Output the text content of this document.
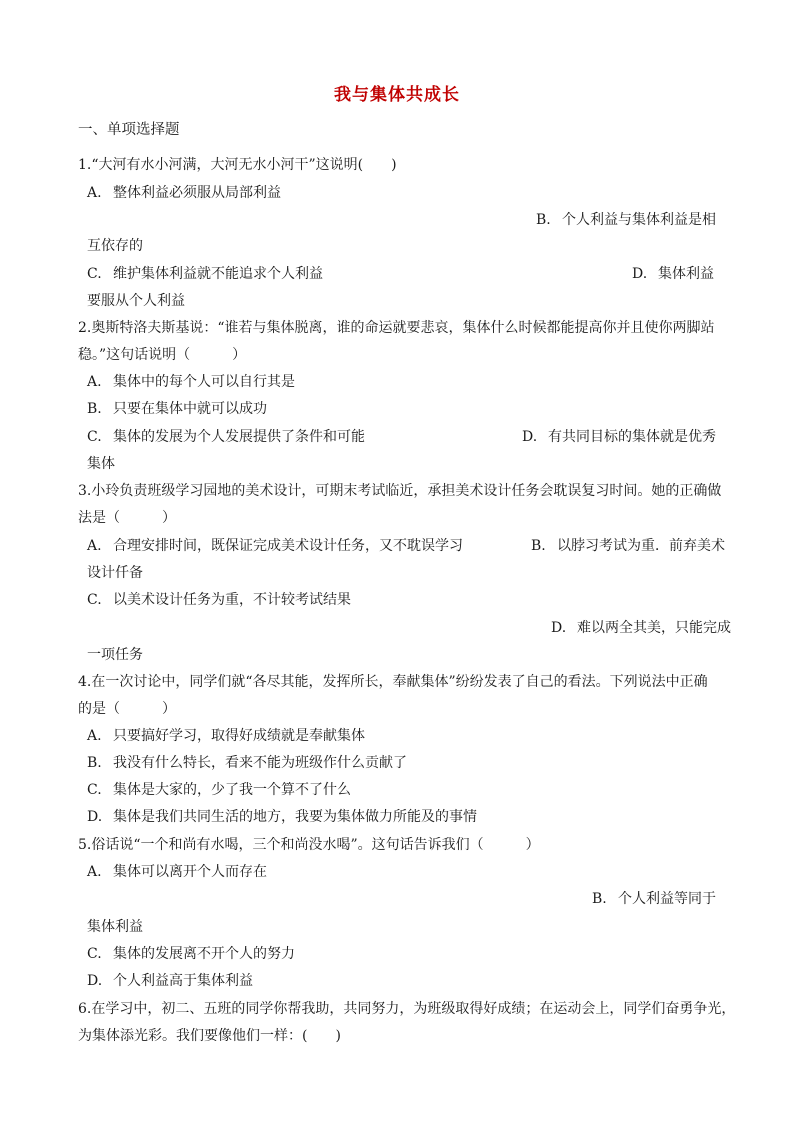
我与集体共成长
一、单项选择题
1.“大河有水小河满，大河无水小河干”这说明(　　)
A. 整体利益必须服从局部利益
B. 个人利益与集体利益是相
互依存的
C. 维护集体利益就不能追求个人利益	D. 集体利益
要服从个人利益
2.奥斯特洛夫斯基说：“谁若与集体脱离，谁的命运就要悲哀，集体什么时候都能提高你并且使你两脚站
稳。”这句话说明（　　　）
A. 集体中的每个人可以自行其是
B. 只要在集体中就可以成功
C. 集体的发展为个人发展提供了条件和可能	D. 有共同目标的集体就是优秀
集体
3.小玲负责班级学习园地的美术设计，可期末考试临近，承担美术设计任务会耽误复习时间。她的正确做
法是（　　　）
A. 合理安排时间，既保证完成美术设计任务，又不耽误学习	B. 以脖习考试为重．前弃美术
设计仟备
C. 以美术设计任务为重，不计较考试结果
D. 难以两全其美，只能完成
一项任务
4.在一次讨论中，同学们就“各尽其能，发挥所长，奉献集体”纷纷发表了自己的看法。下列说法中正确
的是（　　　）
A. 只要搞好学习，取得好成绩就是奉献集体
B. 我没有什么特长，看来不能为班级作什么贡献了
C. 集体是大家的，少了我一个算不了什么
D. 集体是我们共同生活的地方，我要为集体做力所能及的事情
5.俗话说“一个和尚有水喝，三个和尚没水喝”。这句话告诉我们（　　　）
A. 集体可以离开个人而存在
B. 个人利益等同于
集体利益
C. 集体的发展离不开个人的努力
D. 个人利益高于集体利益
6.在学习中，初二、五班的同学你帮我助，共同努力，为班级取得好成绩；在运动会上，同学们奋勇争光，
为集体添光彩。我们要像他们一样：(　　)
